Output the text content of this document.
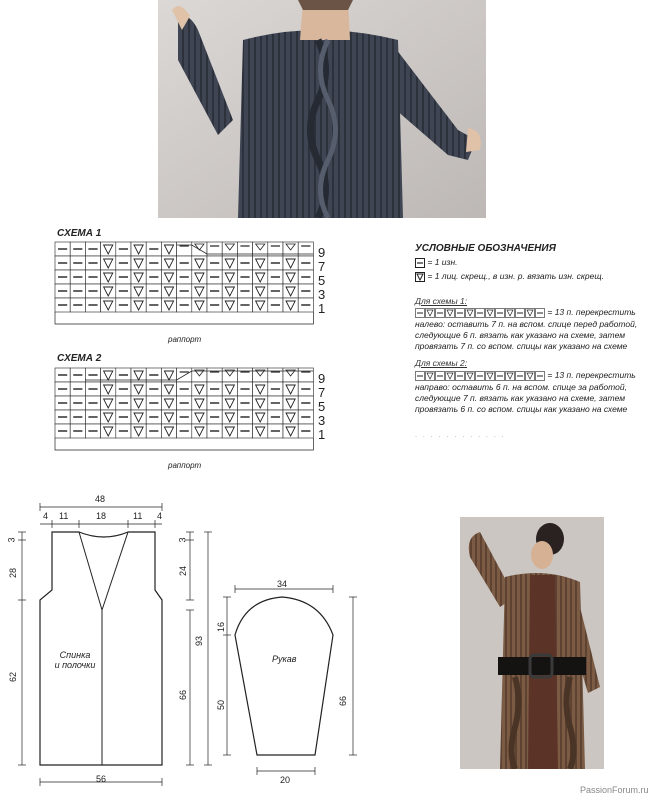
СХЕМА 1
9
7
5
3
1
раппорт
СХЕМА 2
9
7
5
3
1
раппорт
УСЛОВНЫЕ ОБОЗНАЧЕНИЯ
= 1 изн.
= 1 лиц. скрещ., в изн. р. вязать изн. скрещ.
Для схемы 1:
= 13 п. перекрестить
налево: оставить 7 п. на вспом. спице перед работой,
следующие 6 п. вязать как указано на схеме, затем
провязать 7 п. со вспом. спицы как указано на схеме
Для схемы 2:
= 13 п. перекрестить
направо: оставить 6 п. на вспом. спице за работой,
следующие 7 п. вязать как указано на схеме, затем
провязать 6 п. со вспом. спицы как указано на схеме
. . . . . . . . . . . .
48
4 11	18	11 4
3
28
62
3
24
93
66
56
Спинка
и полочки
34
16
50	66
20
Рукав
PassionForum.ru
